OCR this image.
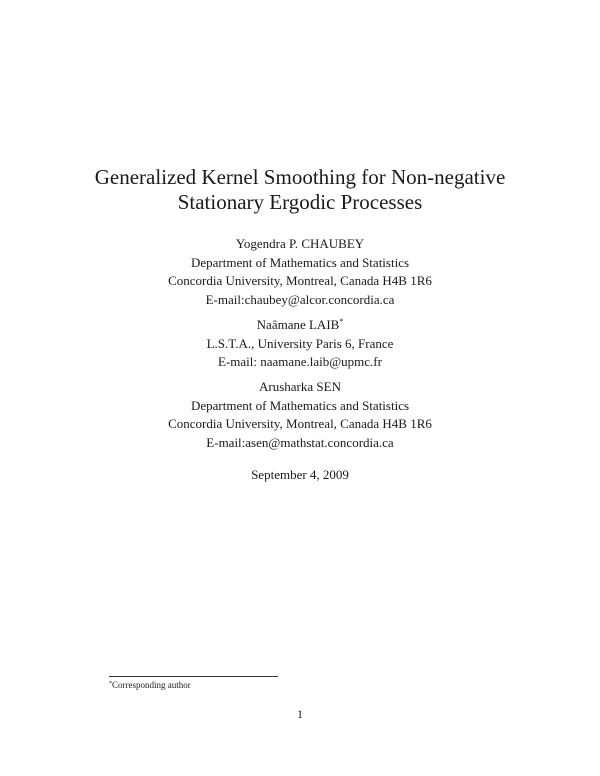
Generalized Kernel Smoothing for Non-negative
Stationary Ergodic Processes
Yogendra P. CHAUBEY
Department of Mathematics and Statistics
Concordia University, Montreal, Canada H4B 1R6
E-mail:chaubey@alcor.concordia.ca
Naâmane LAIB*
L.S.T.A., University Paris 6, France
E-mail: naamane.laib@upmc.fr
Arusharka SEN
Department of Mathematics and Statistics
Concordia University, Montreal, Canada H4B 1R6
E-mail:asen@mathstat.concordia.ca
September 4, 2009
*Corresponding author
1
